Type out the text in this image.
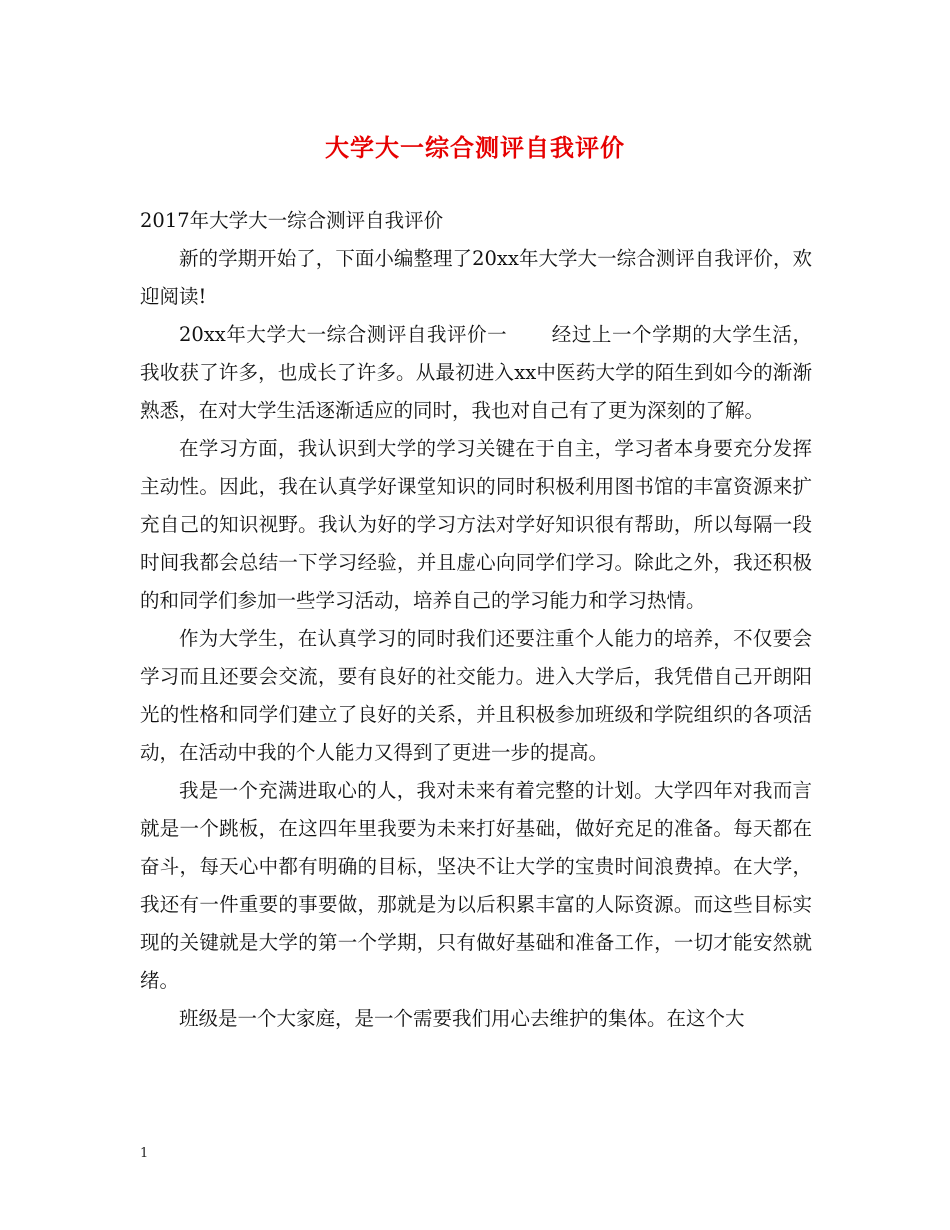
大学大一综合测评自我评价

2017年大学大一综合测评自我评价

新的学期开始了，下面小编整理了20xx年大学大一综合测评自我评价，欢迎阅读!

20xx年大学大一综合测评自我评价一 经过上一个学期的大学生活，我收获了许多，也成长了许多。从最初进入xx中医药大学的陌生到如今的渐渐熟悉，在对大学生活逐渐适应的同时，我也对自己有了更为深刻的了解。

在学习方面，我认识到大学的学习关键在于自主，学习者本身要充分发挥主动性。因此，我在认真学好课堂知识的同时积极利用图书馆的丰富资源来扩充自己的知识视野。我认为好的学习方法对学好知识很有帮助，所以每隔一段时间我都会总结一下学习经验，并且虚心向同学们学习。除此之外，我还积极的和同学们参加一些学习活动，培养自己的学习能力和学习热情。

作为大学生，在认真学习的同时我们还要注重个人能力的培养，不仅要会学习而且还要会交流，要有良好的社交能力。进入大学后，我凭借自己开朗阳光的性格和同学们建立了良好的关系，并且积极参加班级和学院组织的各项活动，在活动中我的个人能力又得到了更进一步的提高。

我是一个充满进取心的人，我对未来有着完整的计划。大学四年对我而言就是一个跳板，在这四年里我要为未来打好基础，做好充足的准备。每天都在奋斗，每天心中都有明确的目标，坚决不让大学的宝贵时间浪费掉。在大学，我还有一件重要的事要做，那就是为以后积累丰富的人际资源。而这些目标实现的关键就是大学的第一个学期，只有做好基础和准备工作，一切才能安然就绪。

班级是一个大家庭，是一个需要我们用心去维护的集体。在这个大

1
